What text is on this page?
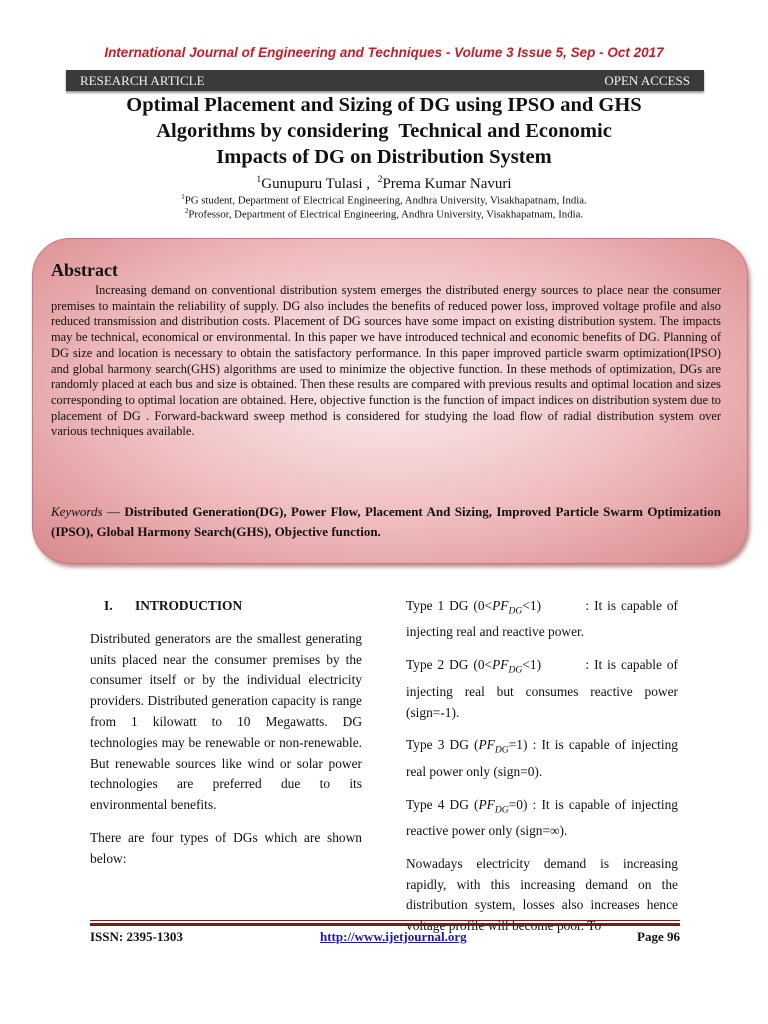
International Journal of Engineering and Techniques - Volume 3 Issue 5, Sep - Oct 2017
RESEARCH ARTICLE	OPEN ACCESS
Optimal Placement and Sizing of DG using IPSO and GHS
Algorithms by considering  Technical and Economic
Impacts of DG on Distribution System
$^1$Gunupuru Tulasi , $^2$Prema Kumar Navuri
$^1$PG student, Department of Electrical Engineering, Andhra University, Visakhapatnam, India.
$^2$Professor, Department of Electrical Engineering, Andhra University, Visakhapatnam, India.
Abstract
Increasing demand on conventional distribution system emerges the distributed energy sources to place near the consumer premises to maintain the reliability of supply. DG also includes the benefits of reduced power loss, improved voltage profile and also reduced transmission and distribution costs. Placement of DG sources have some impact on existing distribution system. The impacts may be technical, economical or environmental. In this paper we have introduced technical and economic benefits of DG. Planning of DG size and location is necessary to obtain the satisfactory performance. In this paper improved particle swarm optimization(IPSO) and global harmony search(GHS) algorithms are used to minimize the objective function. In these methods of optimization, DGs are randomly placed at each bus and size is obtained. Then these results are compared with previous results and optimal location and sizes corresponding to optimal location are obtained. Here, objective function is the function of impact indices on distribution system due to placement of DG . Forward-backward sweep method is considered for studying the load flow of radial distribution system over various techniques available.
Keywords — Distributed Generation(DG), Power Flow, Placement And Sizing, Improved Particle Swarm Optimization (IPSO), Global Harmony Search(GHS), Objective function.
I. INTRODUCTION

Distributed generators are the smallest generating units placed near the consumer premises by the consumer itself or by the individual electricity providers. Distributed generation capacity is range from 1 kilowatt to 10 Megawatts. DG technologies may be renewable or non-renewable. But renewable sources like wind or solar power technologies are preferred due to its environmental benefits.

There are four types of DGs which are shown below:

Type 1 DG $(0<PF_{DG}<1)$	: It is capable of injecting real and reactive power.

Type 2 DG $(0<PF_{DG}<1)$	: It is capable of injecting real but consumes reactive power (sign=-1).

Type 3 DG $(PF_{DG}=1)$ : It is capable of injecting real power only (sign=0).

Type 4 DG $(PF_{DG}=0)$ : It is capable of injecting reactive power only (sign=∞).

Nowadays electricity demand is increasing rapidly, with this increasing demand on the distribution system, losses also increases hence voltage profile will become poor. To

ISSN: 2395-1303	http://www.ijetjournal.org	Page 96
